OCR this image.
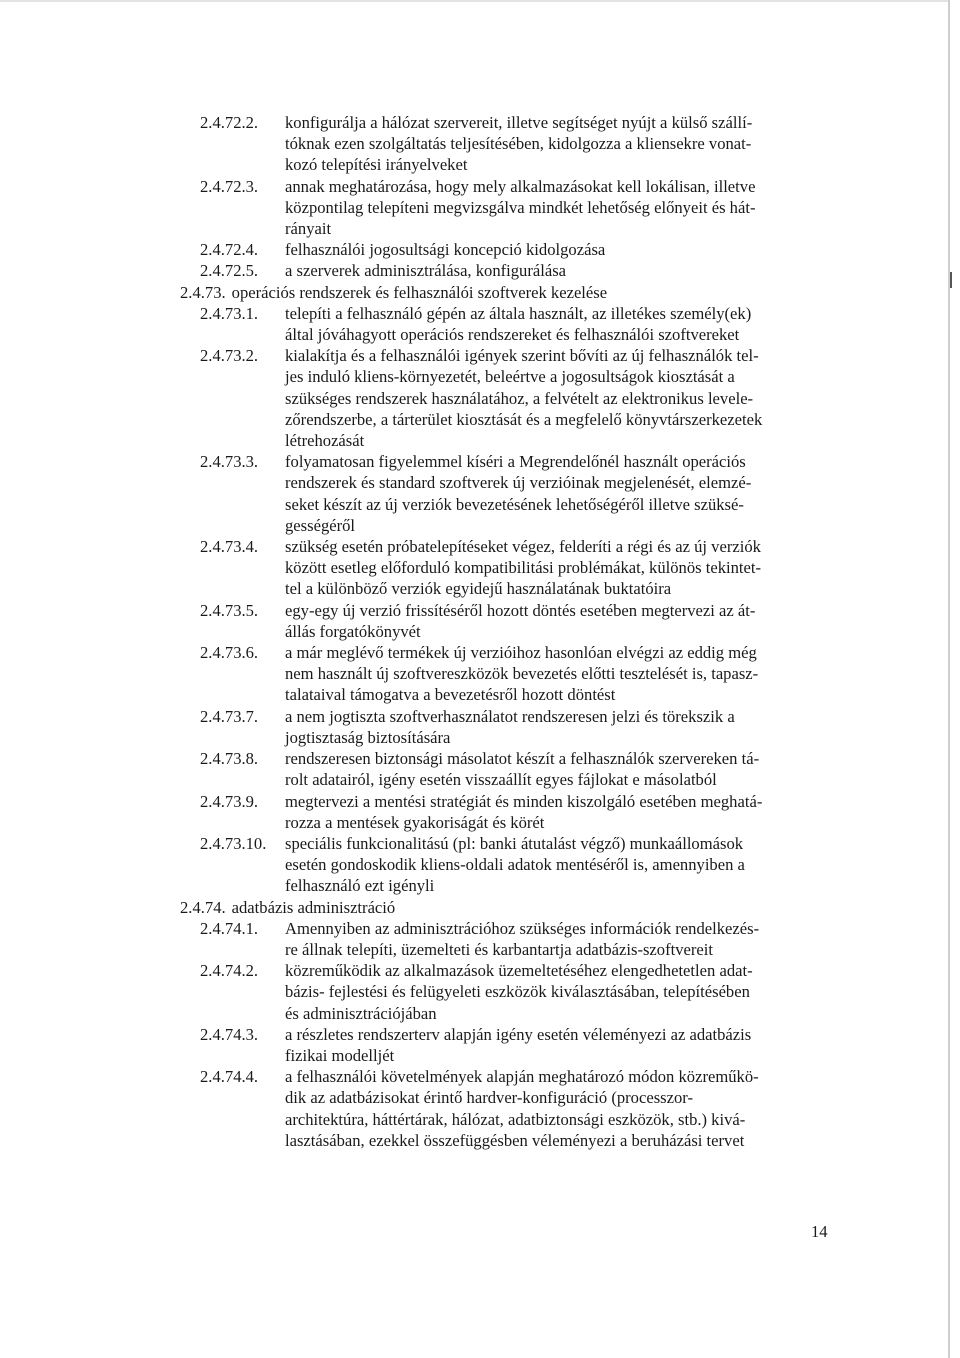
2.4.72.2.	konfigurálja a hálózat szervereit, illetve segítséget nyújt a külső szállí-
tóknak ezen szolgáltatás teljesítésében, kidolgozza a kliensekre vonat-
kozó telepítési irányelveket
2.4.72.3.	annak meghatározása, hogy mely alkalmazásokat kell lokálisan, illetve
központilag telepíteni megvizsgálva mindkét lehetőség előnyeit és hát-
rányait
2.4.72.4.	felhasználói jogosultsági koncepció kidolgozása
2.4.72.5.	a szerverek adminisztrálása, konfigurálása
2.4.73. operációs rendszerek és felhasználói szoftverek kezelése
2.4.73.1.	telepíti a felhasználó gépén az általa használt, az illetékes személy(ek)
által jóváhagyott operációs rendszereket és felhasználói szoftvereket
2.4.73.2.	kialakítja és a felhasználói igények szerint bővíti az új felhasználók tel-
jes induló kliens-környezetét, beleértve a jogosultságok kiosztását a
szükséges rendszerek használatához, a felvételt az elektronikus levele-
zőrendszerbe, a tárterület kiosztását és a megfelelő könyvtárszerkezetek
létrehozását
2.4.73.3.	folyamatosan figyelemmel kíséri a Megrendelőnél használt operációs
rendszerek és standard szoftverek új verzióinak megjelenését, elemzé-
seket készít az új verziók bevezetésének lehetőségéről illetve szüksé-
gességéről
2.4.73.4.	szükség esetén próbatelepítéseket végez, felderíti a régi és az új verziók
között esetleg előforduló kompatibilitási problémákat, különös tekintet-
tel a különböző verziók egyidejű használatának buktatóira
2.4.73.5.	egy-egy új verzió frissítéséről hozott döntés esetében megtervezi az át-
állás forgatókönyvét
2.4.73.6.	a már meglévő termékek új verzióihoz hasonlóan elvégzi az eddig még
nem használt új szoftvereszközök bevezetés előtti tesztelését is, tapasz-
talataival támogatva a bevezetésről hozott döntést
2.4.73.7.	a nem jogtiszta szoftverhasználatot rendszeresen jelzi és törekszik a
jogtisztaság biztosítására
2.4.73.8.	rendszeresen biztonsági másolatot készít a felhasználók szervereken tá-
rolt adatairól, igény esetén visszaállít egyes fájlokat e másolatból
2.4.73.9.	megtervezi a mentési stratégiát és minden kiszolgáló esetében meghatá-
rozza a mentések gyakoriságát és körét
2.4.73.10.	speciális funkcionalitású (pl: banki átutalást végző) munkaállomások
esetén gondoskodik kliens-oldali adatok mentéséről is, amennyiben a
felhasználó ezt igényli
2.4.74. adatbázis adminisztráció
2.4.74.1.	Amennyiben az adminisztrációhoz szükséges információk rendelkezés-
re állnak telepíti, üzemelteti és karbantartja adatbázis-szoftvereit
2.4.74.2.	közreműködik az alkalmazások üzemeltetéséhez elengedhetetlen adat-
bázis- fejlestési és felügyeleti eszközök kiválasztásában, telepítésében
és adminisztrációjában
2.4.74.3.	a részletes rendszerterv alapján igény esetén véleményezi az adatbázis
fizikai modelljét
2.4.74.4.	a felhasználói követelmények alapján meghatározó módon közreműkö-
dik az adatbázisokat érintő hardver-konfiguráció (processzor-
architektúra, háttértárak, hálózat, adatbiztonsági eszközök, stb.) kivá-
lasztásában, ezekkel összefüggésben véleményezi a beruházási tervet
14
